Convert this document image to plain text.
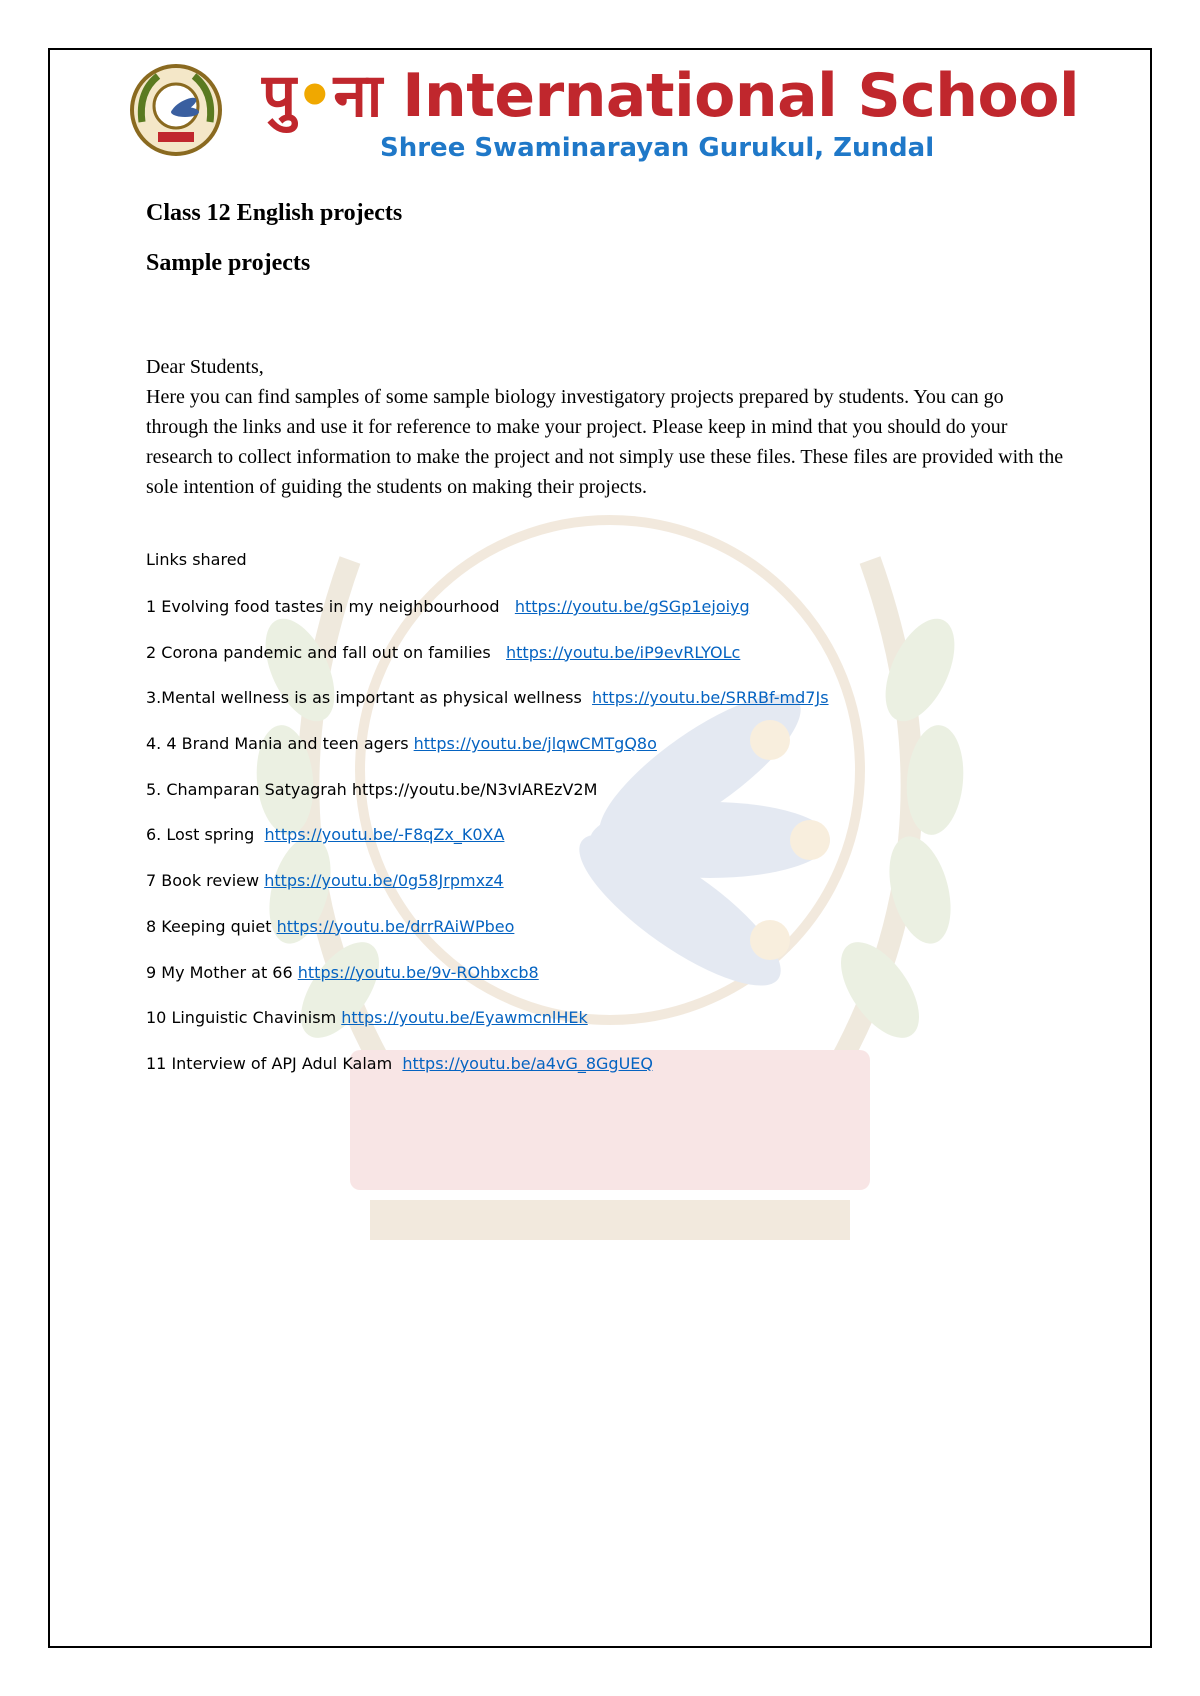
पु•ना International School
Shree Swaminarayan Gurukul, Zundal
Class 12 English projects
Sample projects

Dear Students,

Here you can find samples of some sample biology investigatory projects prepared by students. You can go through the links and use it for reference to make your project. Please keep in mind that you should do your research to collect information to make the project and not simply use these files. These files are provided with the sole intention of guiding the students on making their projects.

Links shared
1 Evolving food tastes in my neighbourhood https://youtu.be/gSGp1ejoiyg
2 Corona pandemic and fall out on families https://youtu.be/iP9evRLYOLc
3.Mental wellness is as important as physical wellness https://youtu.be/SRRBf-md7Js
4. 4 Brand Mania and teen agers https://youtu.be/jlqwCMTgQ8o
5. Champaran Satyagrah https://youtu.be/N3vIAREzV2M
6. Lost spring https://youtu.be/-F8qZx_K0XA
7 Book review https://youtu.be/0g58Jrpmxz4
8 Keeping quiet https://youtu.be/drrRAiWPbeo
9 My Mother at 66 https://youtu.be/9v-ROhbxcb8
10 Linguistic Chavinism https://youtu.be/EyawmcnlHEk
11 Interview of APJ Adul Kalam https://youtu.be/a4vG_8GgUEQ
